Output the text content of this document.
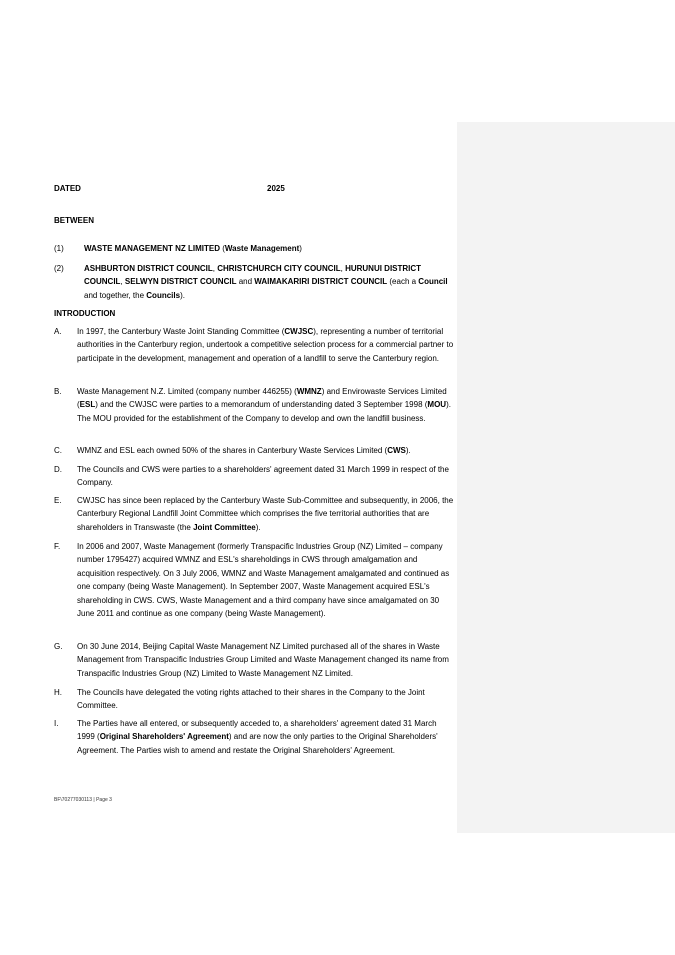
DATED	2025
BETWEEN
(1)	WASTE MANAGEMENT NZ LIMITED (Waste Management)
(2)	ASHBURTON DISTRICT COUNCIL, CHRISTCHURCH CITY COUNCIL, HURUNUI DISTRICT COUNCIL, SELWYN DISTRICT COUNCIL and WAIMAKARIRI DISTRICT COUNCIL (each a Council and together, the Councils).
INTRODUCTION
A. In 1997, the Canterbury Waste Joint Standing Committee (CWJSC), representing a number of territorial authorities in the Canterbury region, undertook a competitive selection process for a commercial partner to participate in the development, management and operation of a landfill to serve the Canterbury region.
B. Waste Management N.Z. Limited (company number 446255) (WMNZ) and Envirowaste Services Limited (ESL) and the CWJSC were parties to a memorandum of understanding dated 3 September 1998 (MOU). The MOU provided for the establishment of the Company to develop and own the landfill business.
C. WMNZ and ESL each owned 50% of the shares in Canterbury Waste Services Limited (CWS).
D. The Councils and CWS were parties to a shareholders' agreement dated 31 March 1999 in respect of the Company.
E. CWJSC has since been replaced by the Canterbury Waste Sub-Committee and subsequently, in 2006, the Canterbury Regional Landfill Joint Committee which comprises the five territorial authorities that are shareholders in Transwaste (the Joint Committee).
F. In 2006 and 2007, Waste Management (formerly Transpacific Industries Group (NZ) Limited – company number 1795427) acquired WMNZ and ESL's shareholdings in CWS through amalgamation and acquisition respectively. On 3 July 2006, WMNZ and Waste Management amalgamated and continued as one company (being Waste Management). In September 2007, Waste Management acquired ESL's shareholding in CWS. CWS, Waste Management and a third company have since amalgamated on 30 June 2011 and continue as one company (being Waste Management).
G. On 30 June 2014, Beijing Capital Waste Management NZ Limited purchased all of the shares in Waste Management from Transpacific Industries Group Limited and Waste Management changed its name from Transpacific Industries Group (NZ) Limited to Waste Management NZ Limited.
H. The Councils have delegated the voting rights attached to their shares in the Company to the Joint Committee.
I. The Parties have all entered, or subsequently acceded to, a shareholders' agreement dated 31 March 1999 (Original Shareholders' Agreement) and are now the only parties to the Original Shareholders' Agreement. The Parties wish to amend and restate the Original Shareholders' Agreement.
BF\70277030113 | Page 3
